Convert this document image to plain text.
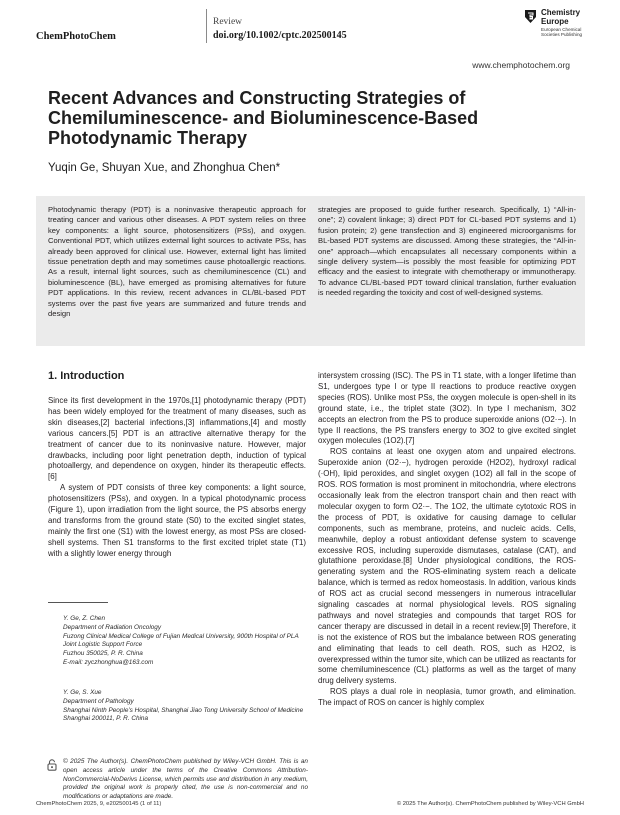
ChemPhotoChem
Review
doi.org/10.1002/cptc.202500145
Chemistry
Europe
European Chemical
Societies Publishing
www.chemphotochem.org
Recent Advances and Constructing Strategies of Chemiluminescence- and Bioluminescence-Based Photodynamic Therapy
Yuqin Ge, Shuyan Xue, and Zhonghua Chen*
Photodynamic therapy (PDT) is a noninvasive therapeutic approach for treating cancer and various other diseases. A PDT system relies on three key components: a light source, photosensitizers (PSs), and oxygen. Conventional PDT, which utilizes external light sources to activate PSs, has already been approved for clinical use. However, external light has limited tissue penetration depth and may sometimes cause photoallergic reactions. As a result, internal light sources, such as chemiluminescence (CL) and bioluminescence (BL), have emerged as promising alternatives for future PDT applications. In this review, recent advances in CL/BL-based PDT systems over the past five years are summarized and future trends and design
strategies are proposed to guide further research. Specifically, 1) “All-in-one”; 2) covalent linkage; 3) direct PDT for CL-based PDT systems and 1) fusion protein; 2) gene transfection and 3) engineered microorganisms for BL-based PDT systems are discussed. Among these strategies, the “All-in-one” approach—which encapsulates all necessary components within a single delivery system—is possibly the most feasible for optimizing PDT efficacy and the easiest to integrate with chemotherapy or immunotherapy. To advance CL/BL-based PDT toward clinical translation, further evaluation is needed regarding the toxicity and cost of well-designed systems.
1. Introduction

Since its first development in the 1970s,[1] photodynamic therapy (PDT) has been widely employed for the treatment of many diseases, such as skin diseases,[2] bacterial infections,[3] inflammations,[4] and mostly various cancers.[5] PDT is an attractive alternative therapy for the treatment of cancer due to its noninvasive nature. However, major drawbacks, including poor light penetration depth, induction of typical photoallergy, and dependence on oxygen, hinder its therapeutic effects.[6]

A system of PDT consists of three key components: a light source, photosensitizers (PSs), and oxygen. In a typical photodynamic process (Figure 1), upon irradiation from the light source, the PS absorbs energy and transforms from the ground state (S0) to the excited singlet states, mainly the first one (S1) with the lowest energy, as most PSs are closed-shell systems. Then S1 transforms to the first excited triplet state (T1) with a slightly lower energy through

intersystem crossing (ISC). The PS in T1 state, with a longer lifetime than S1, undergoes type I or type II reactions to produce reactive oxygen species (ROS). Unlike most PSs, the oxygen molecule is open-shell in its ground state, i.e., the triplet state (3O2). In type I mechanism, 3O2 accepts an electron from the PS to produce superoxide anions (O2·−). In type II reactions, the PS transfers energy to 3O2 to give excited singlet oxygen molecules (1O2).[7]

ROS contains at least one oxygen atom and unpaired electrons. Superoxide anion (O2·−), hydrogen peroxide (H2O2), hydroxyl radical (·OH), lipid peroxides, and singlet oxygen (1O2) all fall in the scope of ROS. ROS formation is most prominent in mitochondria, where electrons occasionally leak from the electron transport chain and then react with molecular oxygen to form O2·−. The 1O2, the ultimate cytotoxic ROS in the process of PDT, is oxidative for causing damage to cellular components, such as membrane, proteins, and nucleic acids. Cells, meanwhile, deploy a robust antioxidant defense system to scavenge excessive ROS, including superoxide dismutases, catalase (CAT), and glutathione peroxidase.[8] Under physiological conditions, the ROS-generating system and the ROS-eliminating system reach a delicate balance, which is termed as redox homeostasis. In addition, various kinds of ROS act as crucial second messengers in numerous intracellular signaling cascades at normal physiological levels. ROS signaling pathways and novel strategies and compounds that target ROS for cancer therapy are discussed in detail in a recent review.[9] Therefore, it is not the existence of ROS but the imbalance between ROS generating and eliminating that leads to cell death. ROS, such as H2O2, is overexpressed within the tumor site, which can be utilized as reactants for some chemiluminescence (CL) platforms as well as the target of many drug delivery systems.

ROS plays a dual role in neoplasia, tumor growth, and elimination. The impact of ROS on cancer is highly complex

Y. Ge, Z. Chen
Department of Radiation Oncology
Fuzong Clinical Medical College of Fujian Medical University, 900th Hospital of PLA Joint Logistic Support Force
Fuzhou 350025, P. R. China
E-mail: zyczhonghua@163.com
Y. Ge, S. Xue
Department of Pathology
Shanghai Ninth People’s Hospital, Shanghai Jiao Tong University School of Medicine
Shanghai 200011, P. R. China
© 2025 The Author(s). ChemPhotoChem published by Wiley-VCH GmbH. This is an open access article under the terms of the Creative Commons Attribution-NonCommercial-NoDerivs License, which permits use and distribution in any medium, provided the original work is properly cited, the use is non-commercial and no modifications or adaptations are made.
ChemPhotoChem 2025, 9, e202500145 (1 of 11)	© 2025 The Author(s). ChemPhotoChem published by Wiley-VCH GmbH
